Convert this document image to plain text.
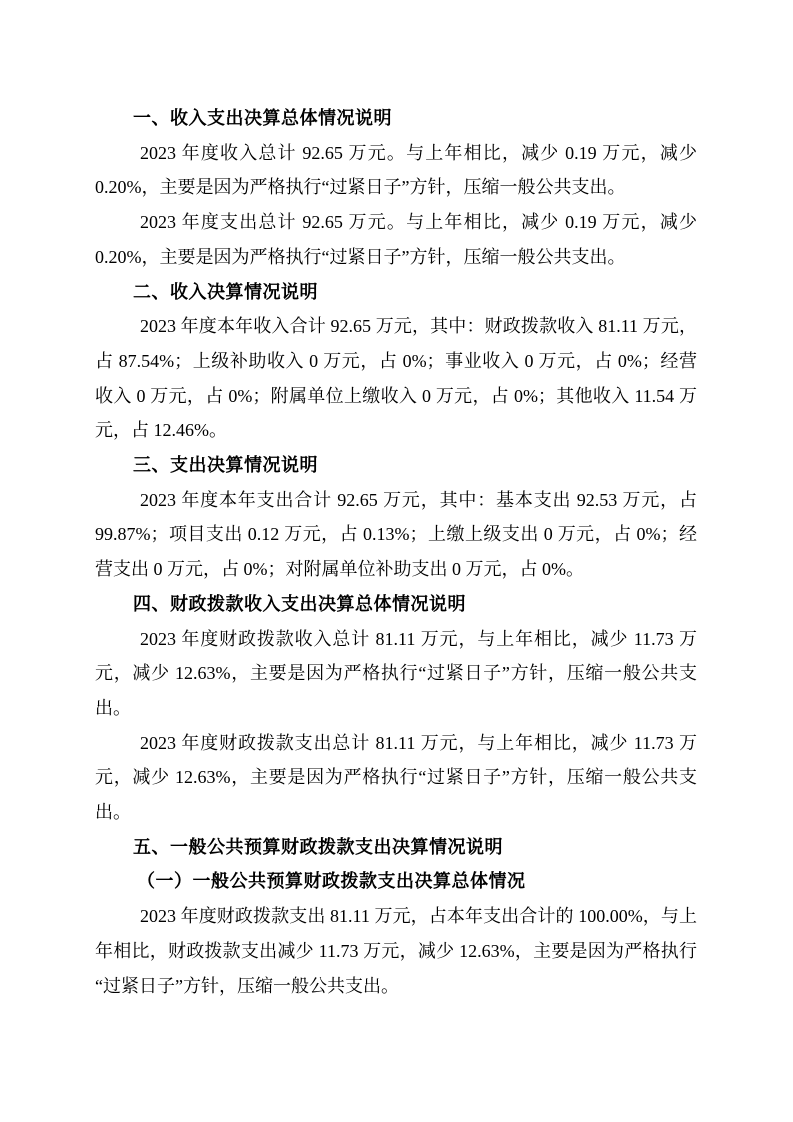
一、收入支出决算总体情况说明

2023 年度收入总计 92.65 万元。与上年相比，减少 0.19 万元，减少 0.20%，主要是因为严格执行“过紧日子”方针，压缩一般公共支出。

2023 年度支出总计 92.65 万元。与上年相比，减少 0.19 万元，减少 0.20%，主要是因为严格执行“过紧日子”方针，压缩一般公共支出。

二、收入决算情况说明

2023 年度本年收入合计 92.65 万元，其中：财政拨款收入 81.11 万元，占 87.54%；上级补助收入 0 万元，占 0%；事业收入 0 万元，占 0%；经营收入 0 万元，占 0%；附属单位上缴收入 0 万元，占 0%；其他收入 11.54 万元，占 12.46%。

三、支出决算情况说明

2023 年度本年支出合计 92.65 万元，其中：基本支出 92.53 万元，占 99.87%；项目支出 0.12 万元，占 0.13%；上缴上级支出 0 万元，占 0%；经营支出 0 万元，占 0%；对附属单位补助支出 0 万元，占 0%。

四、财政拨款收入支出决算总体情况说明

2023 年度财政拨款收入总计 81.11 万元，与上年相比，减少 11.73 万元，减少 12.63%，主要是因为严格执行“过紧日子”方针，压缩一般公共支出。

2023 年度财政拨款支出总计 81.11 万元，与上年相比，减少 11.73 万元，减少 12.63%，主要是因为严格执行“过紧日子”方针，压缩一般公共支出。

五、一般公共预算财政拨款支出决算情况说明
（一）一般公共预算财政拨款支出决算总体情况

2023 年度财政拨款支出 81.11 万元，占本年支出合计的 100.00%，与上年相比，财政拨款支出减少 11.73 万元，减少 12.63%，主要是因为严格执行“过紧日子”方针，压缩一般公共支出。
